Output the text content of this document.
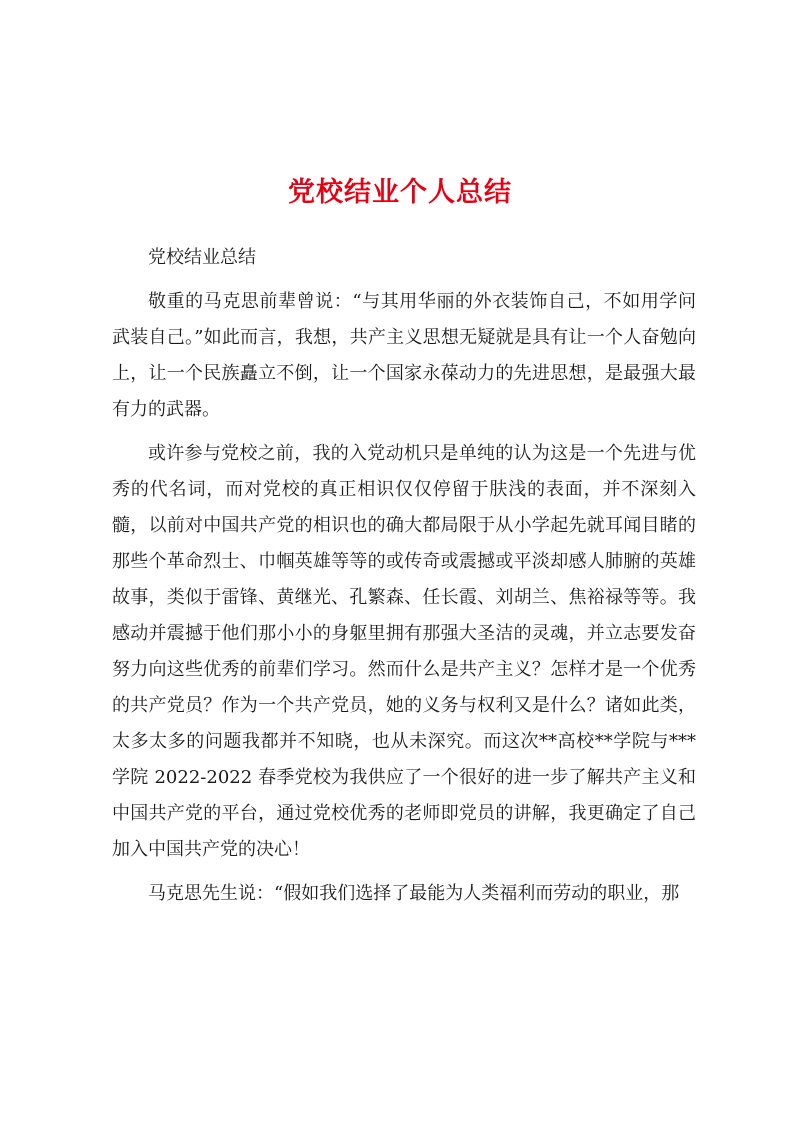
党校结业个人总结

党校结业总结

敬重的马克思前辈曾说：“与其用华丽的外衣装饰自己，不如用学问武装自己。”如此而言，我想，共产主义思想无疑就是具有让一个人奋勉向上，让一个民族矗立不倒，让一个国家永葆动力的先进思想，是最强大最有力的武器。

或许参与党校之前，我的入党动机只是单纯的认为这是一个先进与优秀的代名词，而对党校的真正相识仅仅停留于肤浅的表面，并不深刻入髓，以前对中国共产党的相识也的确大都局限于从小学起先就耳闻目睹的那些个革命烈士、巾帼英雄等等的或传奇或震撼或平淡却感人肺腑的英雄故事，类似于雷锋、黄继光、孔繁森、任长霞、刘胡兰、焦裕禄等等。我感动并震撼于他们那小小的身躯里拥有那强大圣洁的灵魂，并立志要发奋努力向这些优秀的前辈们学习。然而什么是共产主义？怎样才是一个优秀的共产党员？作为一个共产党员，她的义务与权利又是什么？诸如此类，太多太多的问题我都并不知晓，也从未深究。而这次**高校**学院与***学院 2022-2022 春季党校为我供应了一个很好的进一步了解共产主义和中国共产党的平台，通过党校优秀的老师即党员的讲解，我更确定了自己加入中国共产党的决心！

马克思先生说：“假如我们选择了最能为人类福利而劳动的职业，那
